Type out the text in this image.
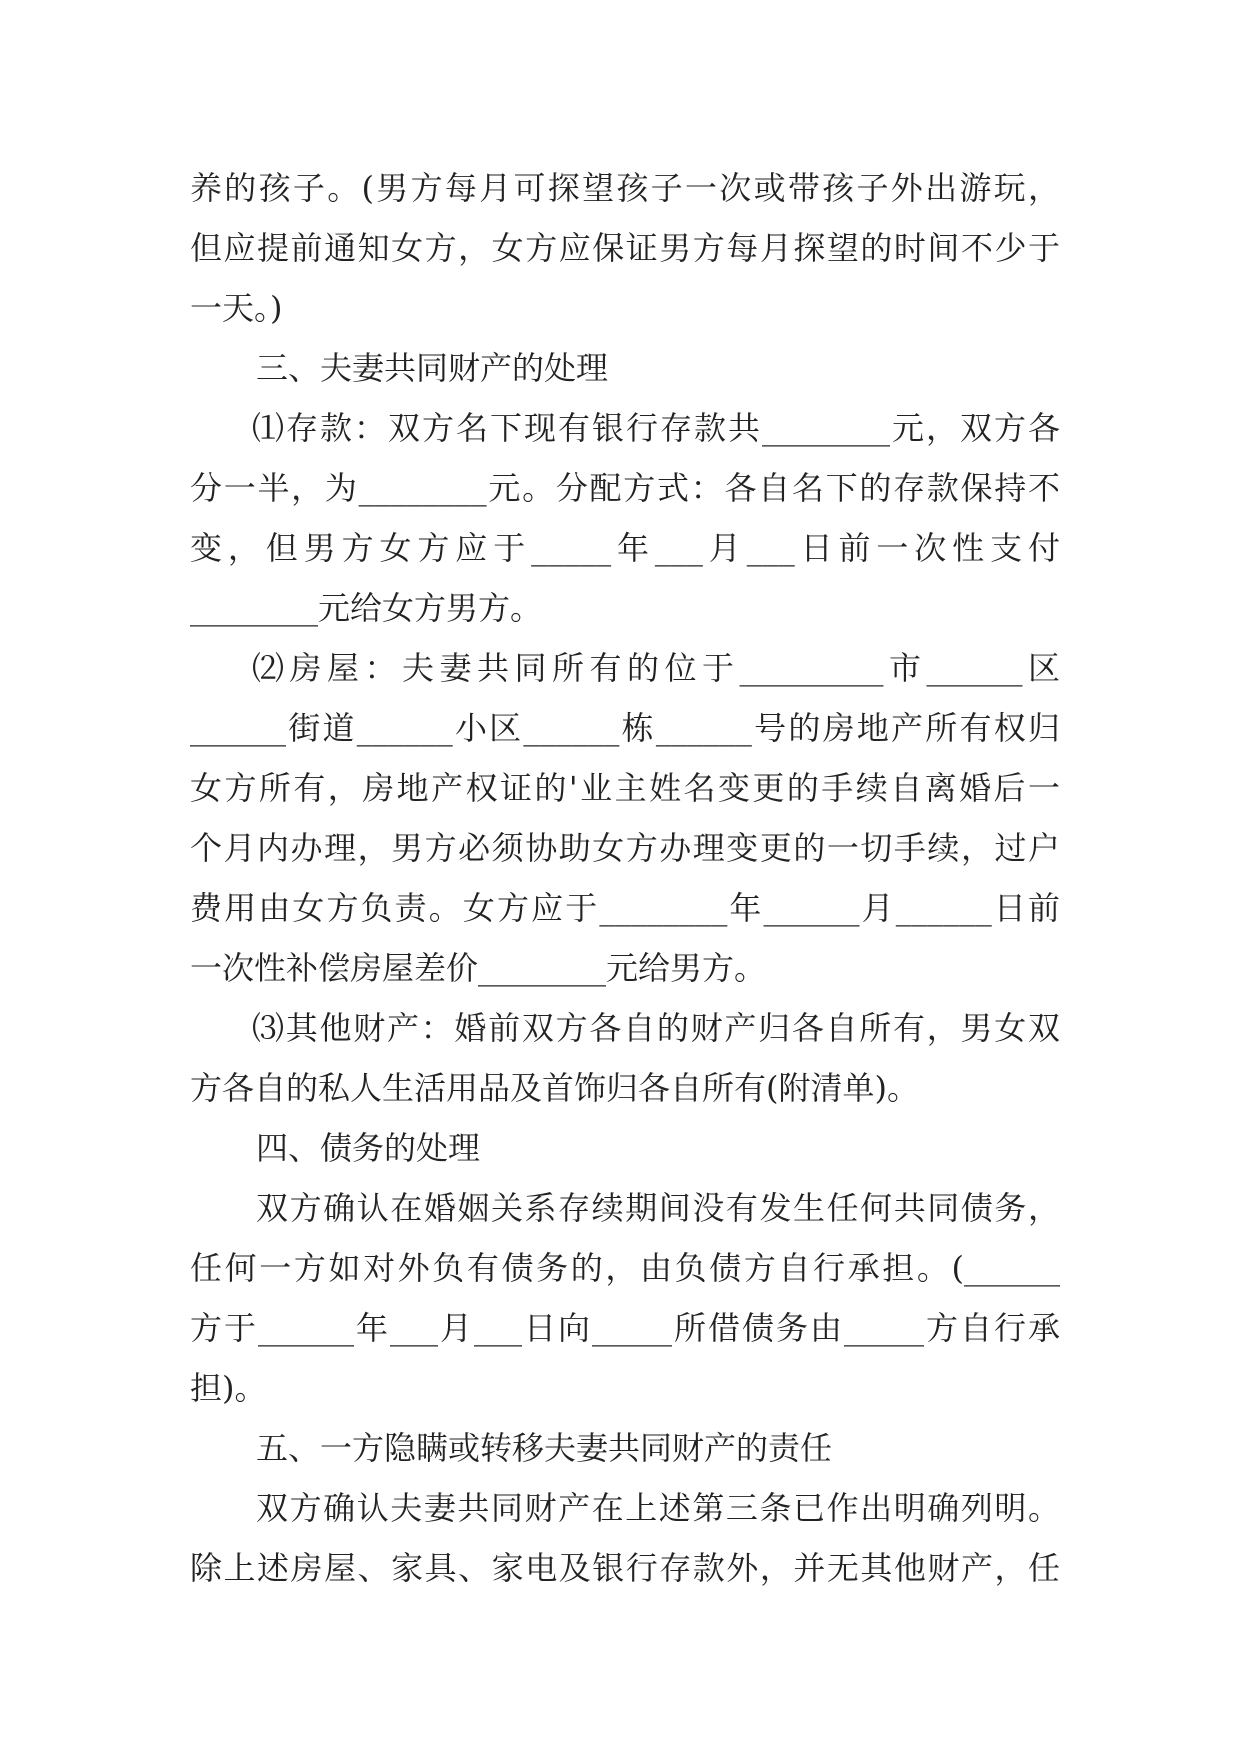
养的孩子。(男方每月可探望孩子一次或带孩子外出游玩，
但应提前通知女方，女方应保证男方每月探望的时间不少于
一天。)
三、夫妻共同财产的处理
⑴存款：双方名下现有银行存款共________元，双方各
分一半，为________元。分配方式：各自名下的存款保持不
变，但男方女方应于_____年___月___日前一次性支付
________元给女方男方。
⑵房屋：夫妻共同所有的位于_________市______区
______街道______小区______栋______号的房地产所有权归
女方所有，房地产权证的'业主姓名变更的手续自离婚后一
个月内办理，男方必须协助女方办理变更的一切手续，过户
费用由女方负责。女方应于________年______月______日前
一次性补偿房屋差价________元给男方。
⑶其他财产：婚前双方各自的财产归各自所有，男女双
方各自的私人生活用品及首饰归各自所有(附清单)。
四、债务的处理
双方确认在婚姻关系存续期间没有发生任何共同债务，
任何一方如对外负有债务的，由负债方自行承担。(______
方于______年___月___日向_____所借债务由_____方自行承
担)。
五、一方隐瞒或转移夫妻共同财产的责任
双方确认夫妻共同财产在上述第三条已作出明确列明。
除上述房屋、家具、家电及银行存款外，并无其他财产，任
